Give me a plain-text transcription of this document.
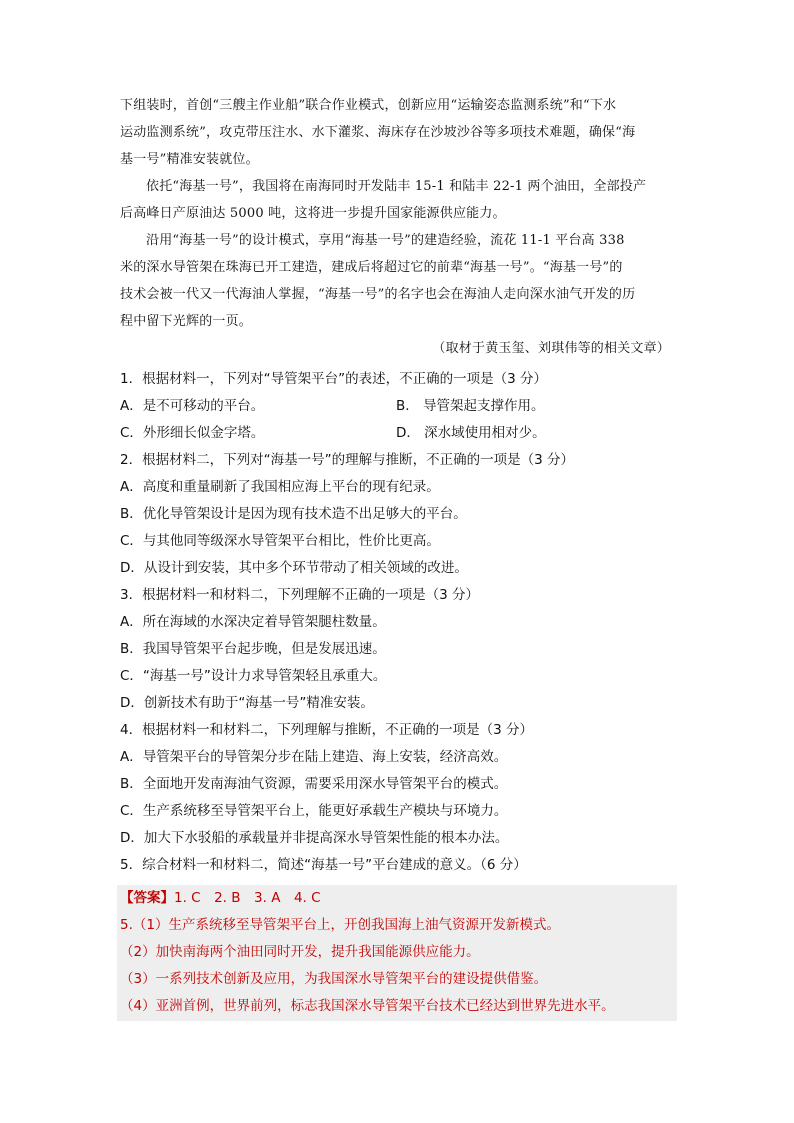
下组装时，首创“三艘主作业船”联合作业模式，创新应用“运输姿态监测系统”和“下水
运动监测系统”，攻克带压注水、水下灌浆、海床存在沙坡沙谷等多项技术难题，确保“海
基一号”精准安装就位。

依托“海基一号”，我国将在南海同时开发陆丰 15-1 和陆丰 22-1 两个油田，全部投产
后高峰日产原油达 5000 吨，这将进一步提升国家能源供应能力。

沿用“海基一号”的设计模式，享用“海基一号”的建造经验，流花 11-1 平台高 338
米的深水导管架在珠海已开工建造，建成后将超过它的前辈“海基一号”。“海基一号”的
技术会被一代又一代海油人掌握，“海基一号”的名字也会在海油人走向深水油气开发的历
程中留下光辉的一页。

（取材于黄玉玺、刘琪伟等的相关文章）

1．根据材料一，下列对“导管架平台”的表述，不正确的一项是（3 分）
A．是不可移动的平台。	B． 导管架起支撑作用。
C．外形细长似金字塔。	D． 深水域使用相对少。
2．根据材料二，下列对“海基一号”的理解与推断，不正确的一项是（3 分）
A．高度和重量刷新了我国相应海上平台的现有纪录。
B．优化导管架设计是因为现有技术造不出足够大的平台。
C．与其他同等级深水导管架平台相比，性价比更高。
D．从设计到安装，其中多个环节带动了相关领域的改进。
3．根据材料一和材料二，下列理解不正确的一项是（3 分）
A．所在海域的水深决定着导管架腿柱数量。
B．我国导管架平台起步晚，但是发展迅速。
C．“海基一号”设计力求导管架轻且承重大。
D．创新技术有助于“海基一号”精准安装。
4．根据材料一和材料二，下列理解与推断，不正确的一项是（3 分）
A．导管架平台的导管架分步在陆上建造、海上安装，经济高效。
B．全面地开发南海油气资源，需要采用深水导管架平台的模式。
C．生产系统移至导管架平台上，能更好承载生产模块与环境力。
D．加大下水驳船的承载量并非提高深水导管架性能的根本办法。
5．综合材料一和材料二，简述“海基一号”平台建成的意义。（6 分）
【答案】1. C　2. B　3. A　4. C
5.（1）生产系统移至导管架平台上，开创我国海上油气资源开发新模式。
（2）加快南海两个油田同时开发，提升我国能源供应能力。
（3）一系列技术创新及应用，为我国深水导管架平台的建设提供借鉴。
（4）亚洲首例，世界前列，标志我国深水导管架平台技术已经达到世界先进水平。
